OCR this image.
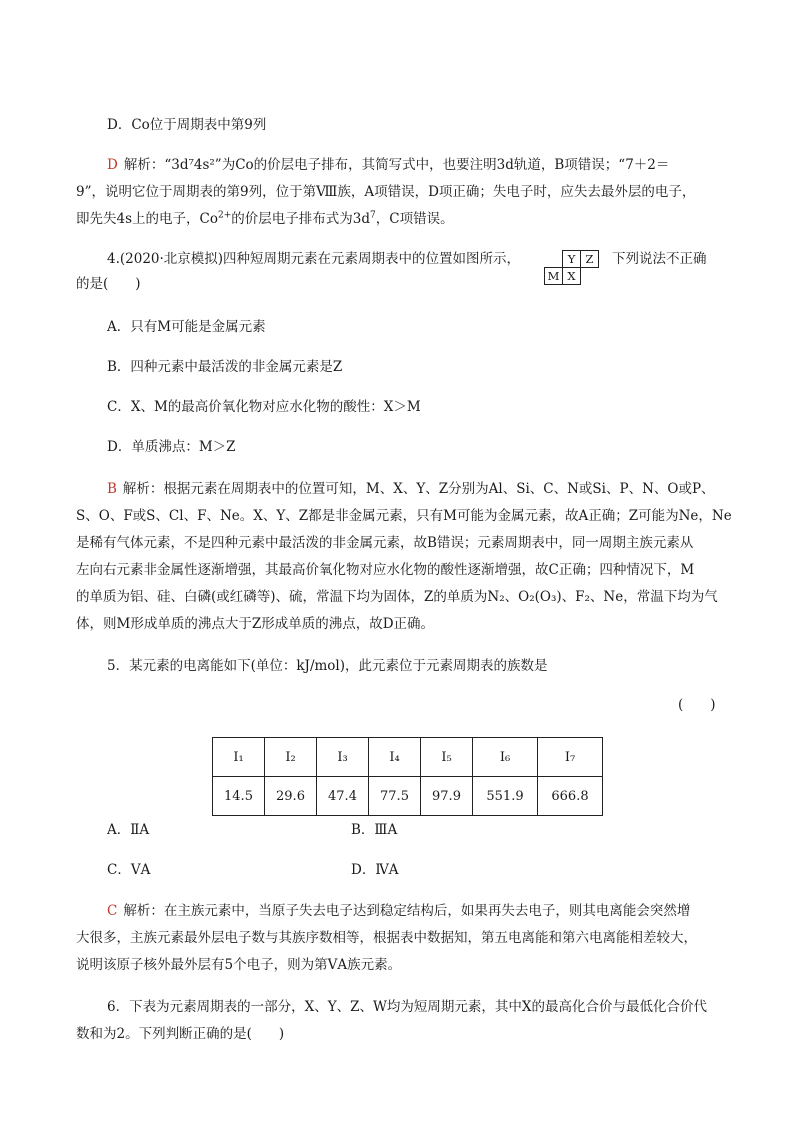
D．Co位于周期表中第9列
D 解析：“3d⁷4s²”为Co的价层电子排布，其简写式中，也要注明3d轨道，B项错误；“7＋2＝
9”，说明它位于周期表的第9列，位于第Ⅷ族，A项错误，D项正确；失电子时，应失去最外层的电子，
即先失4s上的电子，$Co^{2+}$的价层电子排布式为$3d^7$，C项错误。
4.(2020·北京模拟)四种短周期元素在元素周期表中的位置如图所示，
		Y	Z
M	X	
下列说法不正确
的是(　　)
A．只有M可能是金属元素
B．四种元素中最活泼的非金属元素是Z
C．X、M的最高价氧化物对应水化物的酸性：X＞M
D．单质沸点：M＞Z
B 解析：根据元素在周期表中的位置可知，M、X、Y、Z分别为Al、Si、C、N或Si、P、N、O或P、
S、O、F或S、Cl、F、Ne。X、Y、Z都是非金属元素，只有M可能为金属元素，故A正确；Z可能为Ne，Ne
是稀有气体元素，不是四种元素中最活泼的非金属元素，故B错误；元素周期表中，同一周期主族元素从
左向右元素非金属性逐渐增强，其最高价氧化物对应水化物的酸性逐渐增强，故C正确；四种情况下，M
的单质为铝、硅、白磷(或红磷等)、硫，常温下均为固体，Z的单质为N₂、O₂(O₃)、F₂、Ne，常温下均为气
体，则M形成单质的沸点大于Z形成单质的沸点，故D正确。
5．某元素的电离能如下(单位：kJ/mol)，此元素位于元素周期表的族数是
(　　)
I₁	I₂	I₃	I₄	I₅	I₆	I₇
14.5	29.6	47.4	77.5	97.9	551.9	666.8
A．ⅡA	B．ⅢA
C．ⅤA	D．ⅣA
C 解析：在主族元素中，当原子失去电子达到稳定结构后，如果再失去电子，则其电离能会突然增
大很多，主族元素最外层电子数与其族序数相等，根据表中数据知，第五电离能和第六电离能相差较大，
说明该原子核外最外层有5个电子，则为第ⅤA族元素。
6．下表为元素周期表的一部分，X、Y、Z、W均为短周期元素，其中X的最高化合价与最低化合价代
数和为2。下列判断正确的是(　　)
